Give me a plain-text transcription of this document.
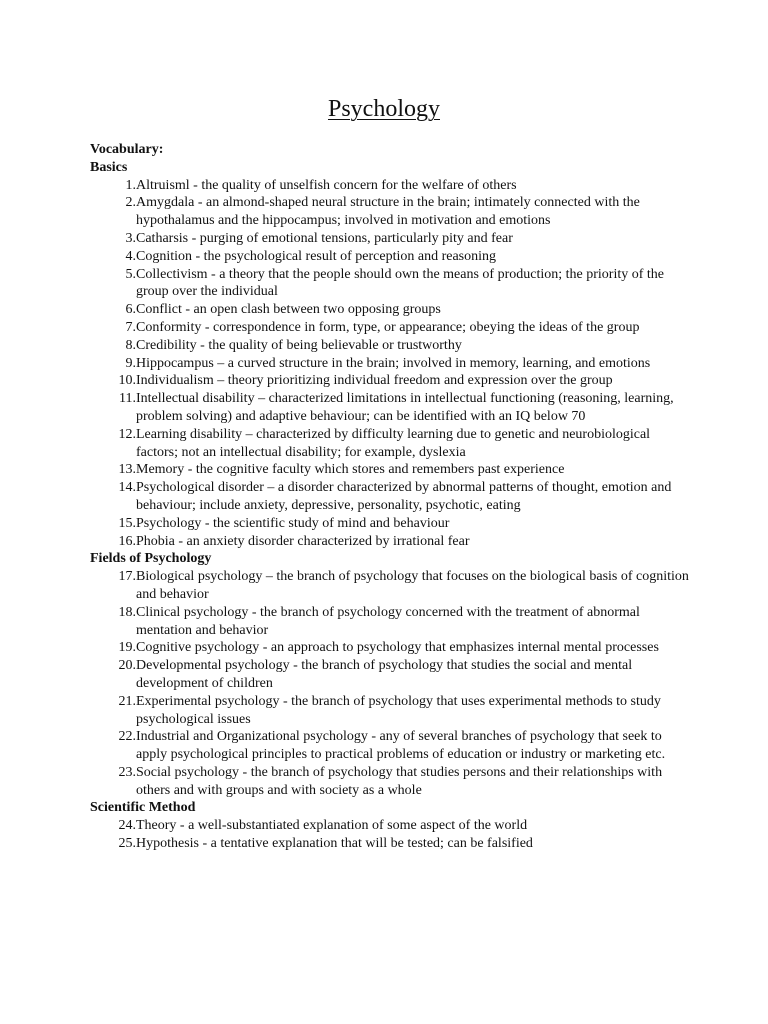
Psychology
Vocabulary:
Basics
1. Altruisml - the quality of unselfish concern for the welfare of others
2. Amygdala - an almond-shaped neural structure in the brain; intimately connected with the hypothalamus and the hippocampus; involved in motivation and emotions
3. Catharsis - purging of emotional tensions, particularly pity and fear
4. Cognition - the psychological result of perception and reasoning
5. Collectivism - a theory that the people should own the means of production; the priority of the group over the individual
6. Conflict - an open clash between two opposing groups
7. Conformity - correspondence in form, type, or appearance; obeying the ideas of the group
8. Credibility - the quality of being believable or trustworthy
9. Hippocampus – a curved structure in the brain; involved in memory, learning, and emotions
10. Individualism – theory prioritizing individual freedom and expression over the group
11. Intellectual disability – characterized limitations in intellectual functioning (reasoning, learning, problem solving) and adaptive behaviour; can be identified with an IQ below 70
12. Learning disability – characterized by difficulty learning due to genetic and neurobiological factors; not an intellectual disability; for example, dyslexia
13. Memory - the cognitive faculty which stores and remembers past experience
14. Psychological disorder – a disorder characterized by abnormal patterns of thought, emotion and behaviour; include anxiety, depressive, personality, psychotic, eating
15. Psychology - the scientific study of mind and behaviour
16. Phobia - an anxiety disorder characterized by irrational fear
Fields of Psychology
17. Biological psychology – the branch of psychology that focuses on the biological basis of cognition and behavior
18. Clinical psychology - the branch of psychology concerned with the treatment of abnormal mentation and behavior
19. Cognitive psychology - an approach to psychology that emphasizes internal mental processes
20. Developmental psychology - the branch of psychology that studies the social and mental development of children
21. Experimental psychology - the branch of psychology that uses experimental methods to study psychological issues
22. Industrial and Organizational psychology - any of several branches of psychology that seek to apply psychological principles to practical problems of education or industry or marketing etc.
23. Social psychology - the branch of psychology that studies persons and their relationships with others and with groups and with society as a whole
Scientific Method
24. Theory - a well-substantiated explanation of some aspect of the world
25. Hypothesis - a tentative explanation that will be tested; can be falsified
